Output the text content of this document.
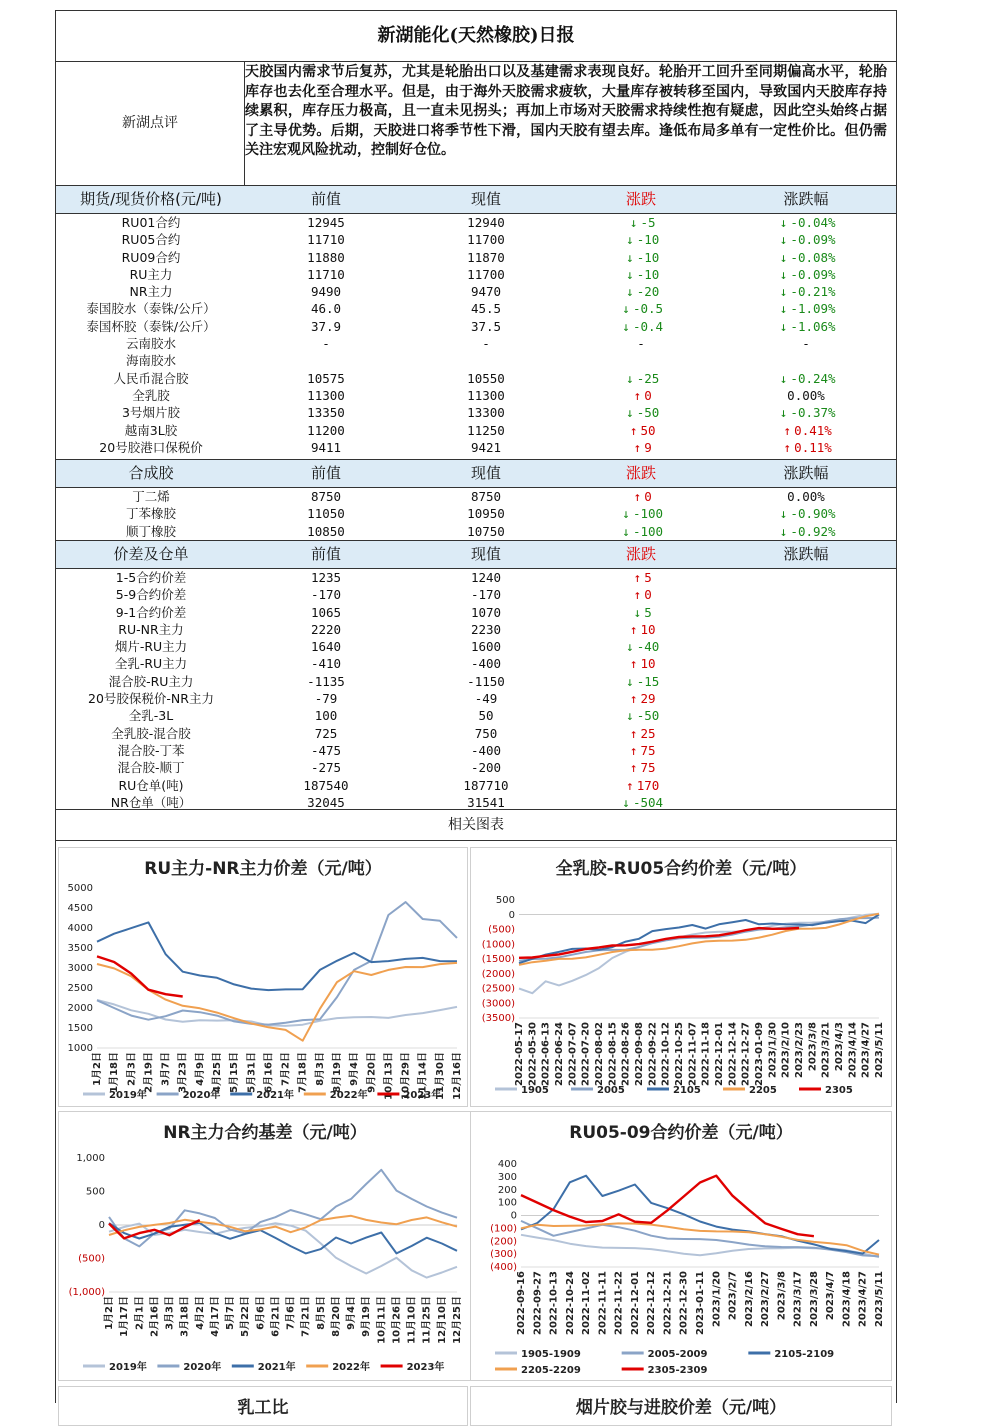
新湖能化(天然橡胶)日报
新湖点评
天胶国内需求节后复苏，尤其是轮胎出口以及基建需求表现良好。轮胎开工回升至同期偏高水平，轮胎库存也去化至合理水平。但是，由于海外天胶需求疲软，大量库存被转移至国内，导致国内天胶库存持续累积，库存压力极高，且一直未见拐头；再加上市场对天胶需求持续性抱有疑虑，因此空头始终占据了主导优势。后期，天胶进口将季节性下滑，国内天胶有望去库。逢低布局多单有一定性价比。但仍需关注宏观风险扰动，控制好仓位。
期货/现货价格(元/吨)	前值	现值	涨跌	涨跌幅
RU01合约	12945	12940	↓ -5	↓ -0.04%
RU05合约	11710	11700	↓ -10	↓ -0.09%
RU09合约	11880	11870	↓ -10	↓ -0.08%
RU主力	11710	11700	↓ -10	↓ -0.09%
NR主力	9490	9470	↓ -20	↓ -0.21%
泰国胶水（泰铢/公斤）	46.0	45.5	↓ -0.5	↓ -1.09%
泰国杯胶（泰铢/公斤）	37.9	37.5	↓ -0.4	↓ -1.06%
云南胶水	-	-	-	-
海南胶水
人民币混合胶	10575	10550	↓ -25	↓ -0.24%
全乳胶	11300	11300	↑ 0	0.00%
3号烟片胶	13350	13300	↓ -50	↓ -0.37%
越南3L胶	11200	11250	↑ 50	↑ 0.41%
20号胶港口保税价	9411	9421	↑ 9	↑ 0.11%
合成胶	前值	现值	涨跌	涨跌幅
丁二烯	8750	8750	↑ 0	0.00%
丁苯橡胶	11050	10950	↓ -100	↓ -0.90%
顺丁橡胶	10850	10750	↓ -100	↓ -0.92%
价差及仓单	前值	现值	涨跌	涨跌幅
1-5合约价差	1235	1240	↑ 5
5-9合约价差	-170	-170	↑ 0
9-1合约价差	1065	1070	↓ 5
RU-NR主力	2220	2230	↑ 10
烟片-RU主力	1640	1600	↓ -40
全乳-RU主力	-410	-400	↑ 10
混合胶-RU主力	-1135	-1150	↓ -15
20号胶保税价-NR主力	-79	-49	↑ 29
全乳-3L	100	50	↓ -50
全乳胶-混合胶	725	750	↑ 25
混合胶-丁苯	-475	-400	↑ 75
混合胶-顺丁	-275	-200	↑ 75
RU仓单(吨)	187540	187710	↑ 170
NR仓单（吨）	32045	31541	↓ -504
相关图表
RU主力-NR主力价差（元/吨）
5000
4500
4000
3500
3000
2500
2000
1500
1000
1月2日 1月18日 2月3日 2月19日 3月7日 3月23日 4月9日 4月25日 5月15日 5月31日 6月16日 7月2日 7月18日 8月3日 8月19日 9月4日 9月20日 10月13日 10月29日 11月14日 11月30日 12月16日
2019年	2020年	2021年	2022年	2023年
全乳胶-RU05合约价差（元/吨）
500
0
(500)
(1000)
(1500)
(2000)
(2500)
(3000)
(3500)
2022-05-17 2022-05-30 2022-06-13 2022-06-24 2022-07-07 2022-07-20 2022-08-02 2022-08-15 2022-08-26 2022-09-08 2022-09-22 2022-10-12 2022-10-25 2022-11-07 2022-11-18 2022-12-01 2022-12-14 2022-12-27 2023-01-09 2023/1/30 2023/2/10 2023/2/23 2023/3/8 2023/3/21 2023/4/3 2023/4/14 2023/4/27 2023/5/11
1905	2005	2105	2205	2305
NR主力合约基差（元/吨）
1,000
500
0
(500)
(1,000)
1月2日 1月17日 2月1日 2月16日 3月3日 3月18日 4月2日 4月17日 5月7日 5月22日 6月6日 6月21日 7月6日 7月21日 8月5日 8月20日 9月4日 9月19日 10月11日 10月26日 11月10日 11月25日 12月10日 12月25日
2019年	2020年	2021年	2022年	2023年
RU05-09合约价差（元/吨）
400
300
200
100
0
(100)
(200)
(300)
(400)
2022-09-16 2022-09-27 2022-10-13 2022-10-24 2022-11-02 2022-11-11 2022-11-22 2022-12-01 2022-12-12 2022-12-21 2022-12-30 2023-01-11 2023/1/20 2023/2/7 2023/2/16 2023/2/27 2023/3/8 2023/3/17 2023/3/28 2023/4/7 2023/4/18 2023/4/27 2023/5/11
1905-1909	2005-2009	2105-2109
2205-2209	2305-2309
乳工比	烟片胶与进胶价差（元/吨）
